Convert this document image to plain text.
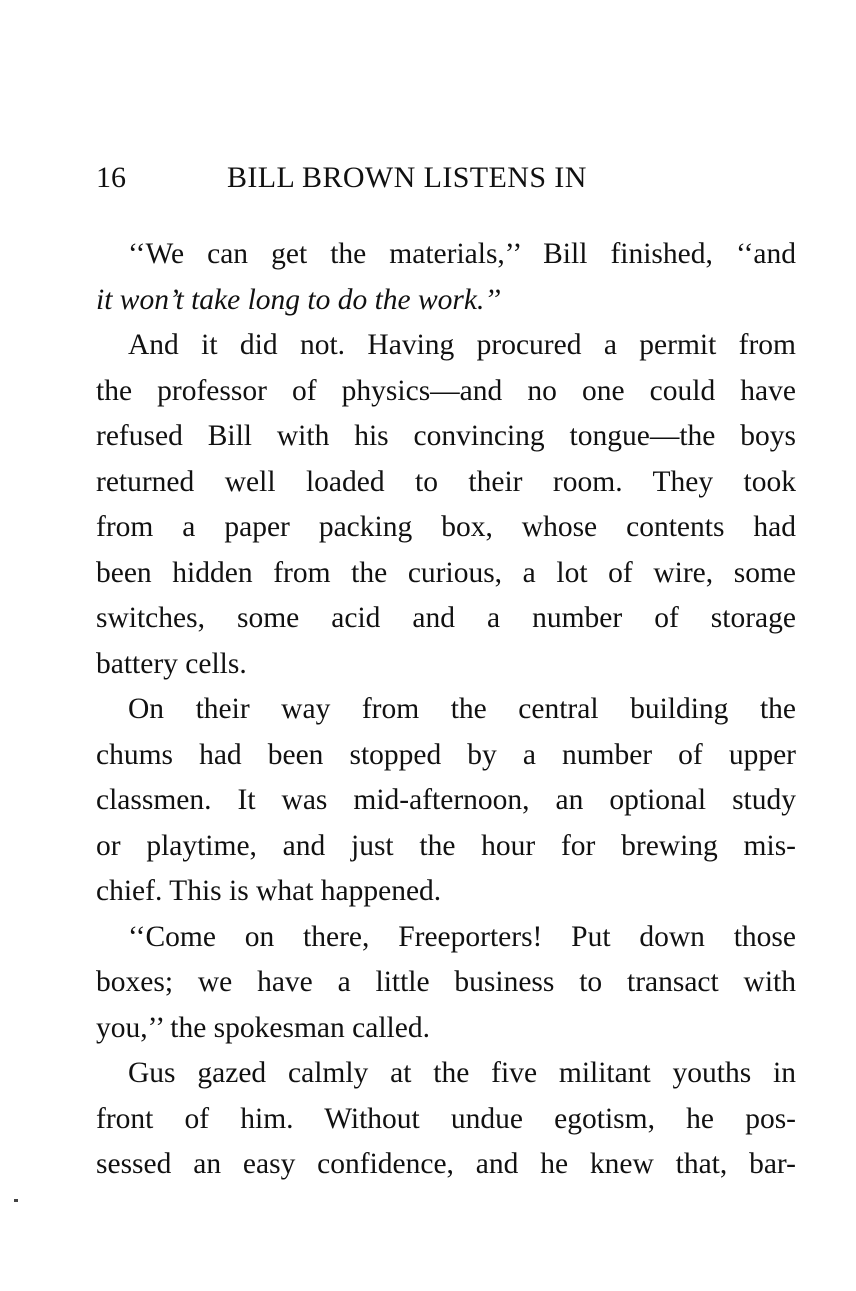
16	BILL BROWN LISTENS IN
‘‘We can get the materials,’’ Bill finished, ‘‘and
it won’t take long to do the work.’’
And it did not. Having procured a permit from
the professor of physics—and no one could have
refused Bill with his convincing tongue—the boys
returned well loaded to their room. They took
from a paper packing box, whose contents had
been hidden from the curious, a lot of wire, some
switches, some acid and a number of storage
battery cells.
On their way from the central building the
chums had been stopped by a number of upper
classmen. It was mid-afternoon, an optional study
or playtime, and just the hour for brewing mis-
chief. This is what happened.
‘‘Come on there, Freeporters! Put down those
boxes; we have a little business to transact with
you,’’ the spokesman called.
Gus gazed calmly at the five militant youths in
front of him. Without undue egotism, he pos-
sessed an easy confidence, and he knew that, bar-
